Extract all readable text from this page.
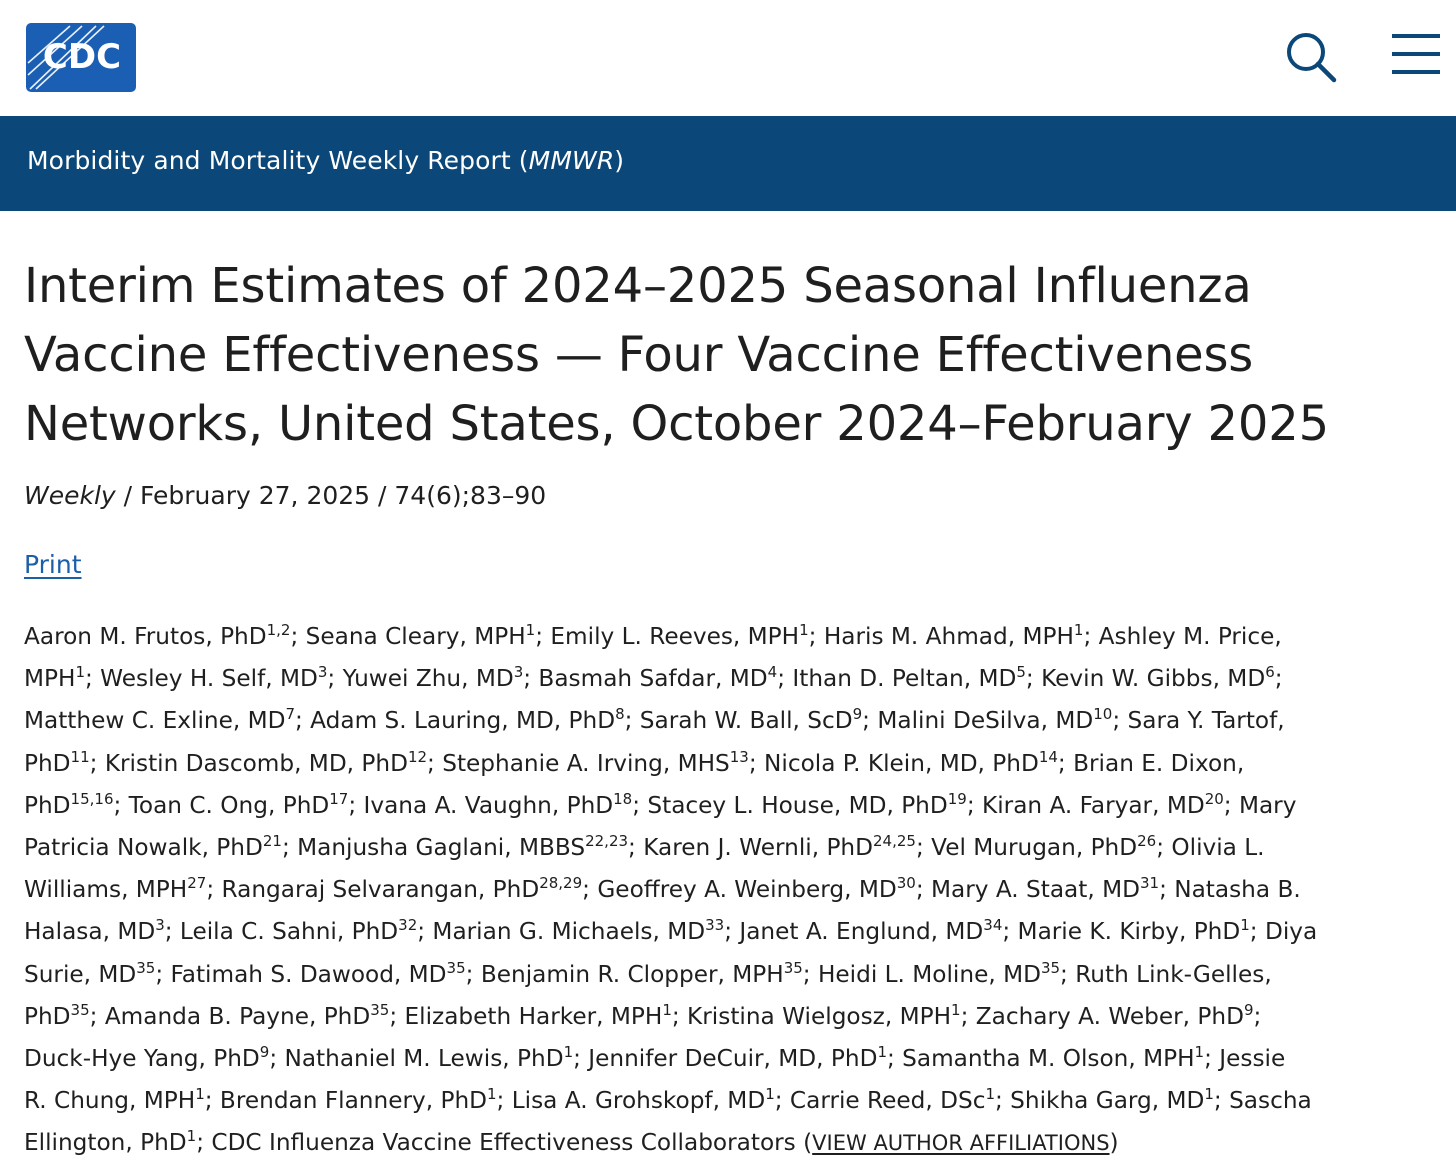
CDC
Morbidity and Mortality Weekly Report (MMWR)
Interim Estimates of 2024–2025 Seasonal Influenza
Vaccine Effectiveness — Four Vaccine Effectiveness
Networks, United States, October 2024–February 2025
Weekly / February 27, 2025 / 74(6);83–90
Print
Aaron M. Frutos, PhD$^{1,2}$; Seana Cleary, MPH$^1$; Emily L. Reeves, MPH$^1$; Haris M. Ahmad, MPH$^1$; Ashley M. Price,
MPH$^1$; Wesley H. Self, $MD^3$; Yuwei Zhu, $MD^3$; Basmah Safdar, $MD^4$; Ithan D. Peltan, $MD^5$; Kevin W. Gibbs, $MD^6$;
Matthew C. Exline, $MD^7$; Adam S. Lauring, MD, PhD$^8$; Sarah W. Ball, ScD$^9$; Malini DeSilva, MD$^{10}$; Sara Y. Tartof,
PhD$^{11}$; Kristin Dascomb, MD, PhD$^{12}$; Stephanie A. Irving, MHS$^{13}$; Nicola P. Klein, MD, PhD$^{14}$; Brian E. Dixon,
PhD$^{15,16}$; Toan C. Ong, PhD$^{17}$; Ivana A. Vaughn, PhD$^{18}$; Stacey L. House, MD, PhD$^{19}$; Kiran A. Faryar, MD$^{20}$; Mary
Patricia Nowalk, PhD$^{21}$; Manjusha Gaglani, MBBS$^{22,23}$; Karen J. Wernli, PhD$^{24,25}$; Vel Murugan, PhD$^{26}$; Olivia L.
Williams, MPH$^{27}$; Rangaraj Selvarangan, PhD$^{28,29}$; Geoffrey A. Weinberg, MD$^{30}$; Mary A. Staat, MD$^{31}$; Natasha B.
Halasa, $MD^3$; Leila C. Sahni, PhD$^{32}$; Marian G. Michaels, MD$^{33}$; Janet A. Englund, MD$^{34}$; Marie K. Kirby, PhD$^1$; Diya
Surie, MD$^{35}$; Fatimah S. Dawood, MD$^{35}$; Benjamin R. Clopper, MPH$^{35}$; Heidi L. Moline, MD$^{35}$; Ruth Link-Gelles,
PhD$^{35}$; Amanda B. Payne, PhD$^{35}$; Elizabeth Harker, MPH$^1$; Kristina Wielgosz, MPH$^1$; Zachary A. Weber, PhD$^9$;
Duck-Hye Yang, PhD$^9$; Nathaniel M. Lewis, PhD$^1$; Jennifer DeCuir, MD, PhD$^1$; Samantha M. Olson, MPH$^1$; Jessie
R. Chung, MPH$^1$; Brendan Flannery, PhD$^1$; Lisa A. Grohskopf, $MD^1$; Carrie Reed, DSc$^1$; Shikha Garg, $MD^1$; Sascha
Ellington, PhD$^1$; CDC Influenza Vaccine Effectiveness Collaborators (VIEW AUTHOR AFFILIATIONS)
